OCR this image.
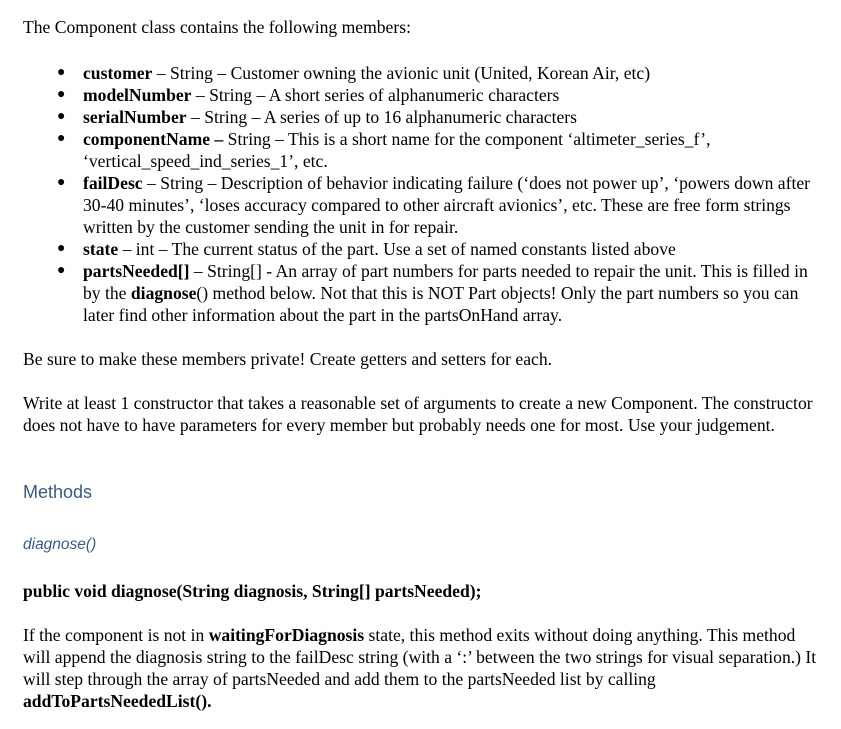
The Component class contains the following members:

● customer – String – Customer owning the avionic unit (United, Korean Air, etc)
● modelNumber – String – A short series of alphanumeric characters
● serialNumber – String – A series of up to 16 alphanumeric characters
● componentName – String – This is a short name for the component ‘altimeter_series_f’, ‘vertical_speed_ind_series_1’, etc.
● failDesc – String – Description of behavior indicating failure (‘does not power up’, ‘powers down after 30-40 minutes’, ‘loses accuracy compared to other aircraft avionics’, etc. These are free form strings written by the customer sending the unit in for repair.
● state – int – The current status of the part. Use a set of named constants listed above
● partsNeeded[] – String[] - An array of part numbers for parts needed to repair the unit. This is filled in by the diagnose() method below. Not that this is NOT Part objects! Only the part numbers so you can later find other information about the part in the partsOnHand array.

Be sure to make these members private! Create getters and setters for each.

Write at least 1 constructor that takes a reasonable set of arguments to create a new Component. The constructor does not have to have parameters for every member but probably needs one for most. Use your judgement.

Methods
diagnose()

public void diagnose(String diagnosis, String[] partsNeeded);

If the component is not in waitingForDiagnosis state, this method exits without doing anything. This method will append the diagnosis string to the failDesc string (with a ‘:’ between the two strings for visual separation.) It will step through the array of partsNeeded and add them to the partsNeeded list by calling addToPartsNeededList().
